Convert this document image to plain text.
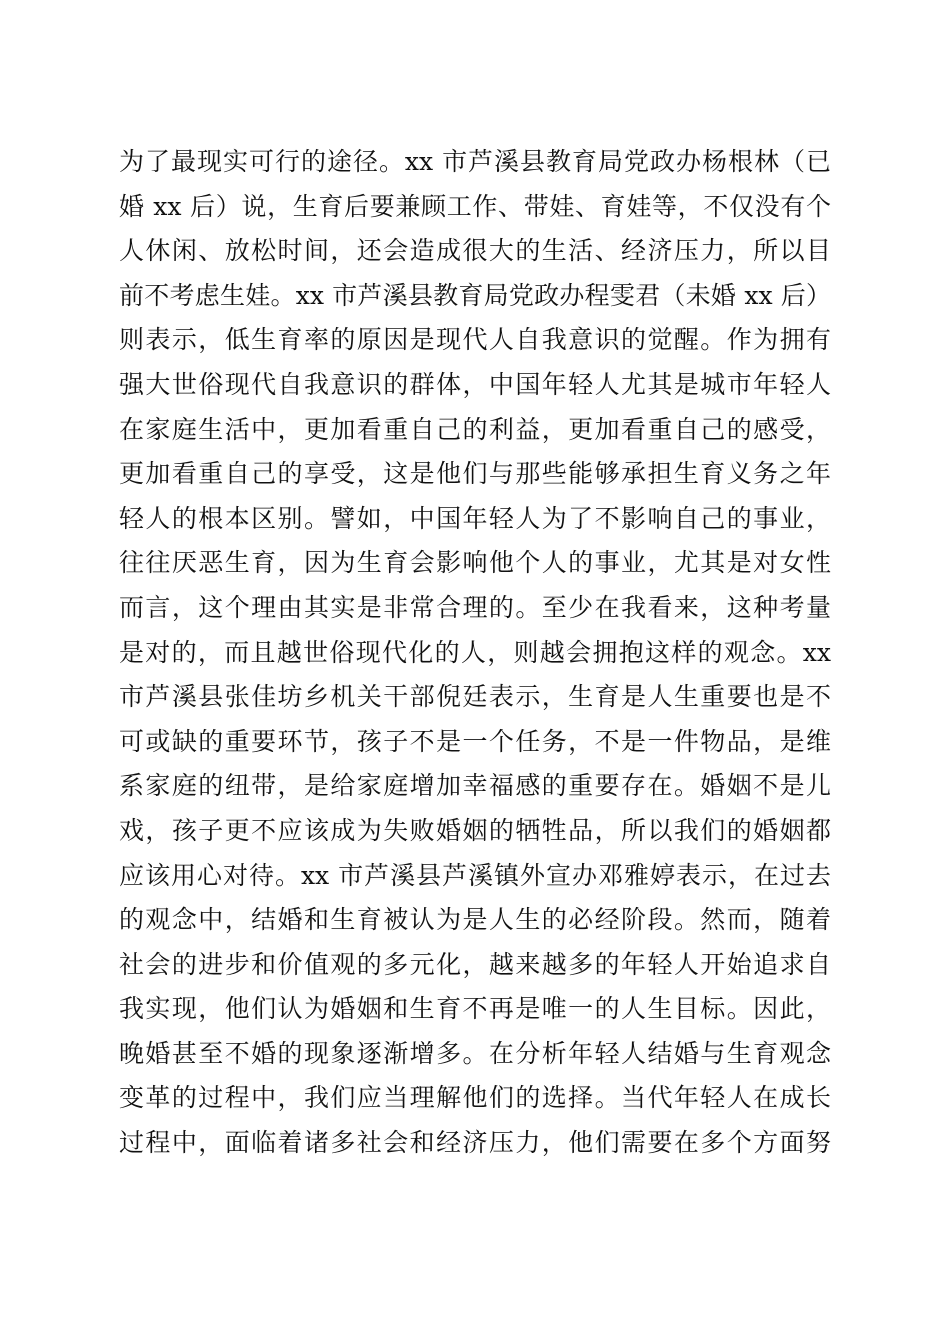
为了最现实可行的途径。xx 市芦溪县教育局党政办杨根林（已
婚 xx 后）说，生育后要兼顾工作、带娃、育娃等，不仅没有个
人休闲、放松时间，还会造成很大的生活、经济压力，所以目
前不考虑生娃。xx 市芦溪县教育局党政办程雯君（未婚 xx 后）
则表示，低生育率的原因是现代人自我意识的觉醒。作为拥有
强大世俗现代自我意识的群体，中国年轻人尤其是城市年轻人
在家庭生活中，更加看重自己的利益，更加看重自己的感受，
更加看重自己的享受，这是他们与那些能够承担生育义务之年
轻人的根本区别。譬如，中国年轻人为了不影响自己的事业，
往往厌恶生育，因为生育会影响他个人的事业，尤其是对女性
而言，这个理由其实是非常合理的。至少在我看来，这种考量
是对的，而且越世俗现代化的人，则越会拥抱这样的观念。xx
市芦溪县张佳坊乡机关干部倪廷表示，生育是人生重要也是不
可或缺的重要环节，孩子不是一个任务，不是一件物品，是维
系家庭的纽带，是给家庭增加幸福感的重要存在。婚姻不是儿
戏，孩子更不应该成为失败婚姻的牺牲品，所以我们的婚姻都
应该用心对待。xx 市芦溪县芦溪镇外宣办邓雅婷表示，在过去
的观念中，结婚和生育被认为是人生的必经阶段。然而，随着
社会的进步和价值观的多元化，越来越多的年轻人开始追求自
我实现，他们认为婚姻和生育不再是唯一的人生目标。因此，
晚婚甚至不婚的现象逐渐增多。在分析年轻人结婚与生育观念
变革的过程中，我们应当理解他们的选择。当代年轻人在成长
过程中，面临着诸多社会和经济压力，他们需要在多个方面努
